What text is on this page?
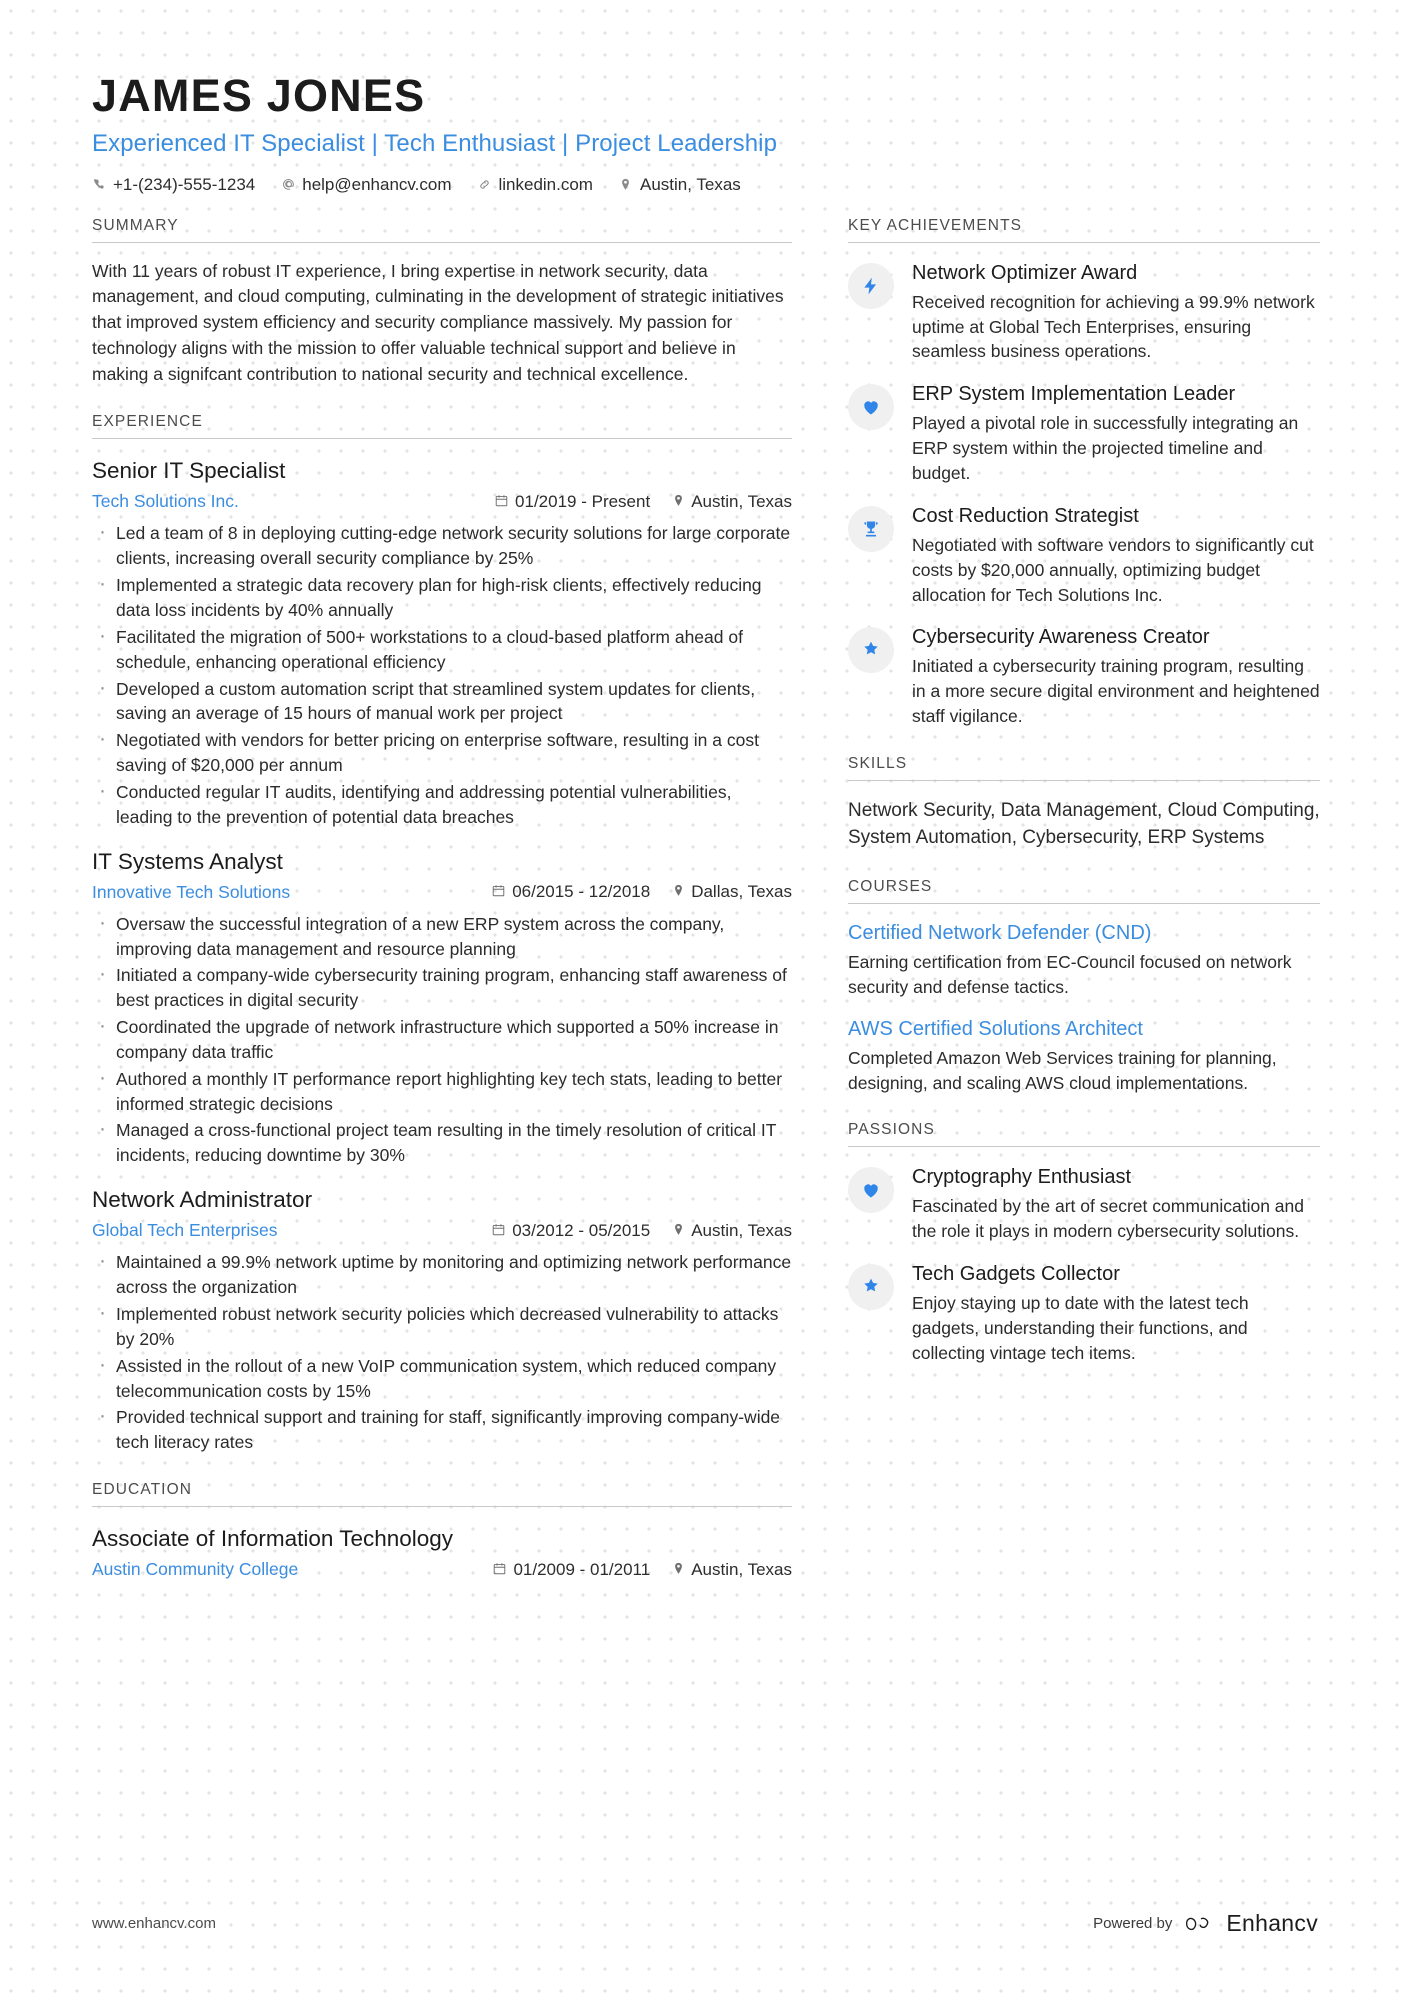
JAMES JONES
Experienced IT Specialist | Tech Enthusiast | Project Leadership
+1-(234)-555-1234	help@enhancv.com	linkedin.com	Austin, Texas
SUMMARY
With 11 years of robust IT experience, I bring expertise in network security, data management, and cloud computing, culminating in the development of strategic initiatives that improved system efficiency and security compliance massively. My passion for technology aligns with the mission to offer valuable technical support and believe in making a signifcant contribution to national security and technical excellence.
EXPERIENCE
Senior IT Specialist
Tech Solutions Inc.	01/2019 - Present Austin, Texas
· Led a team of 8 in deploying cutting-edge network security solutions for large corporate clients, increasing overall security compliance by 25%
· Implemented a strategic data recovery plan for high-risk clients, effectively reducing data loss incidents by 40% annually
· Facilitated the migration of 500+ workstations to a cloud-based platform ahead of schedule, enhancing operational efficiency
· Developed a custom automation script that streamlined system updates for clients, saving an average of 15 hours of manual work per project
· Negotiated with vendors for better pricing on enterprise software, resulting in a cost saving of $20,000 per annum
· Conducted regular IT audits, identifying and addressing potential vulnerabilities, leading to the prevention of potential data breaches
IT Systems Analyst
Innovative Tech Solutions	06/2015 - 12/2018 Dallas, Texas
· Oversaw the successful integration of a new ERP system across the company, improving data management and resource planning
· Initiated a company-wide cybersecurity training program, enhancing staff awareness of best practices in digital security
· Coordinated the upgrade of network infrastructure which supported a 50% increase in company data traffic
· Authored a monthly IT performance report highlighting key tech stats, leading to better informed strategic decisions
· Managed a cross-functional project team resulting in the timely resolution of critical IT incidents, reducing downtime by 30%
Network Administrator
Global Tech Enterprises	03/2012 - 05/2015 Austin, Texas
· Maintained a 99.9% network uptime by monitoring and optimizing network performance across the organization
· Implemented robust network security policies which decreased vulnerability to attacks by 20%
· Assisted in the rollout of a new VoIP communication system, which reduced company telecommunication costs by 15%
· Provided technical support and training for staff, significantly improving company-wide tech literacy rates
EDUCATION
Associate of Information Technology
Austin Community College	01/2009 - 01/2011 Austin, Texas
KEY ACHIEVEMENTS
Network Optimizer Award
Received recognition for achieving a 99.9% network uptime at Global Tech Enterprises, ensuring seamless business operations.
ERP System Implementation Leader
Played a pivotal role in successfully integrating an ERP system within the projected timeline and budget.
Cost Reduction Strategist
Negotiated with software vendors to significantly cut costs by $20,000 annually, optimizing budget allocation for Tech Solutions Inc.
Cybersecurity Awareness Creator
Initiated a cybersecurity training program, resulting in a more secure digital environment and heightened staff vigilance.
SKILLS
Network Security, Data Management, Cloud Computing, System Automation, Cybersecurity, ERP Systems
COURSES
Certified Network Defender (CND)
Earning certification from EC-Council focused on network security and defense tactics.
AWS Certified Solutions Architect
Completed Amazon Web Services training for planning, designing, and scaling AWS cloud implementations.
PASSIONS
Cryptography Enthusiast
Fascinated by the art of secret communication and the role it plays in modern cybersecurity solutions.
Tech Gadgets Collector
Enjoy staying up to date with the latest tech gadgets, understanding their functions, and collecting vintage tech items.
www.enhancv.com	Powered by Enhancv
